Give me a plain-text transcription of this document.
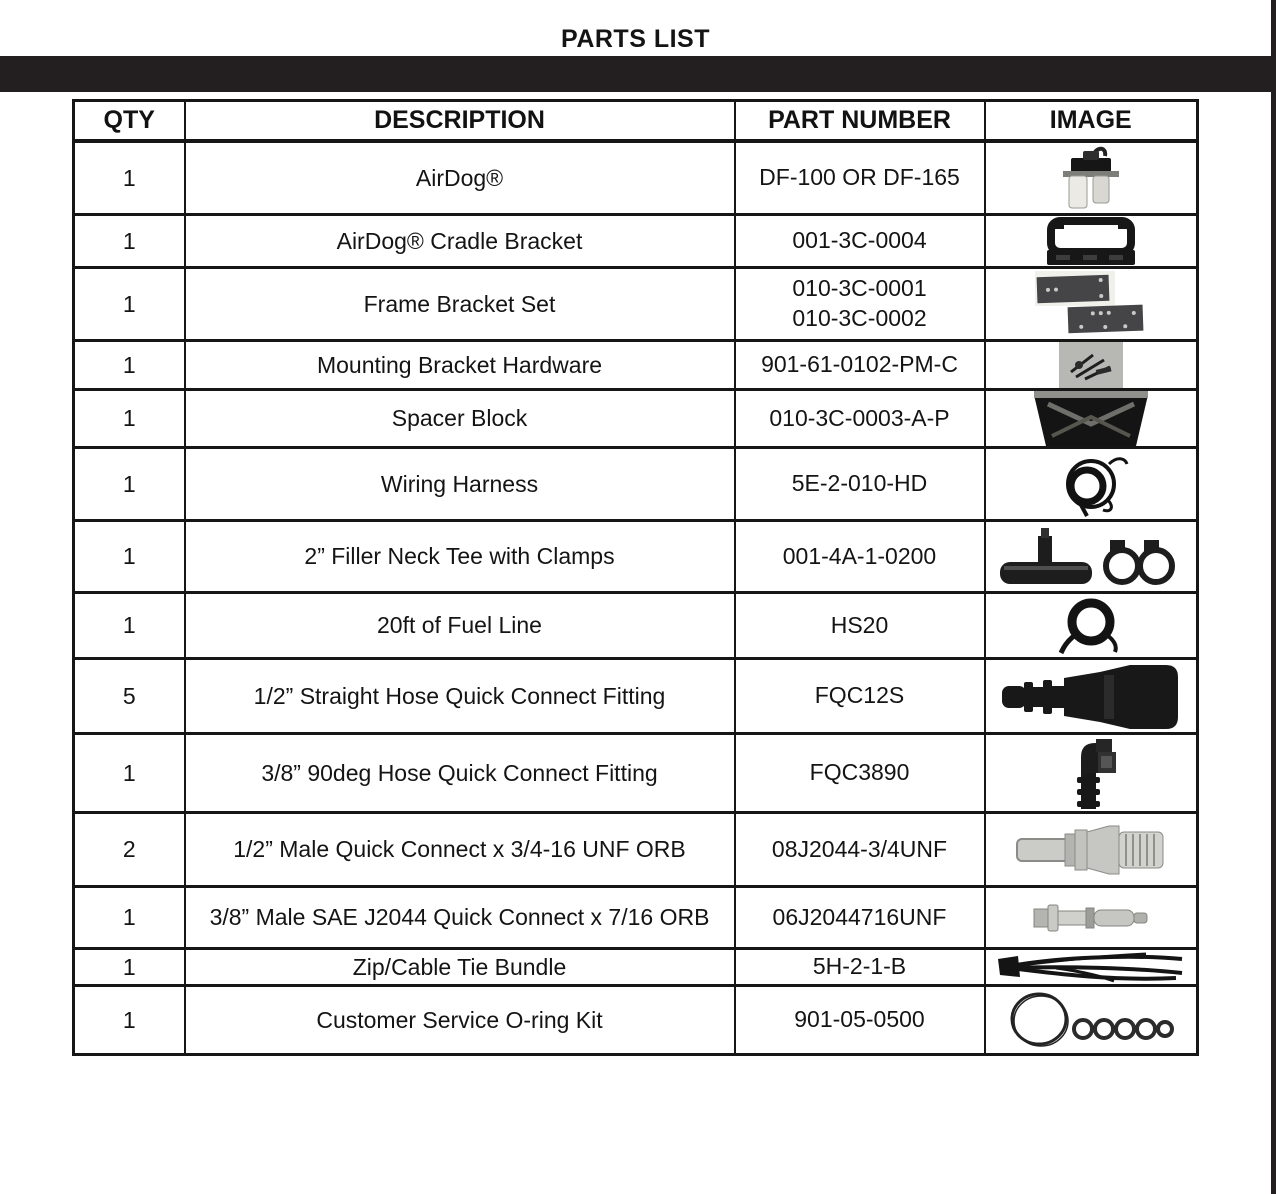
PARTS LIST
QTY	DESCRIPTION	PART NUMBER	IMAGE
1	AirDog®	DF-100 OR DF-165

1	AirDog® Cradle Bracket	001-3C-0004

1	Frame Bracket Set	010-3C-0001
010-3C-0002

1	Mounting Bracket Hardware	901-61-0102-PM-C

1	Spacer Block	010-3C-0003-A-P

1	Wiring Harness	5E-2-010-HD

1	2” Filler Neck Tee with Clamps	001-4A-1-0200

1	20ft of Fuel Line	HS20

5	1/2” Straight Hose Quick Connect Fitting	FQC12S

1	3/8” 90deg Hose Quick Connect Fitting	FQC3890

2	1/2” Male Quick Connect x 3/4-16 UNF ORB	08J2044-3/4UNF

1	3/8” Male SAE J2044 Quick Connect x 7/16 ORB	06J2044716UNF

1	Zip/Cable Tie Bundle	5H-2-1-B

1	Customer Service O-ring Kit	901-05-0500
